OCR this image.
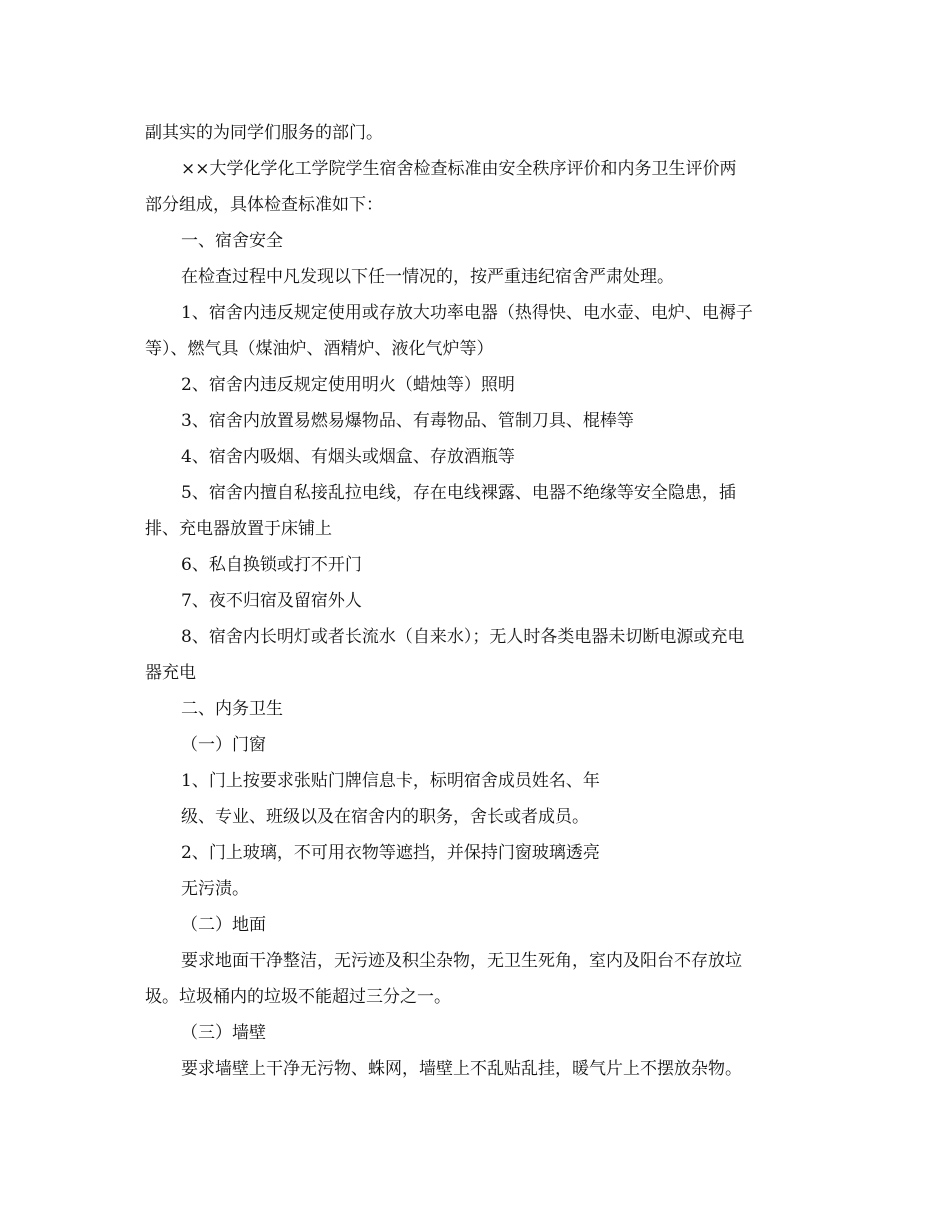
副其实的为同学们服务的部门。
××大学化学化工学院学生宿舍检查标准由安全秩序评价和内务卫生评价两
部分组成，具体检查标准如下：
一、宿舍安全
在检查过程中凡发现以下任一情况的，按严重违纪宿舍严肃处理。
1、宿舍内违反规定使用或存放大功率电器（热得快、电水壶、电炉、电褥子
等）、燃气具（煤油炉、酒精炉、液化气炉等）
2、宿舍内违反规定使用明火（蜡烛等）照明
3、宿舍内放置易燃易爆物品、有毒物品、管制刀具、棍棒等
4、宿舍内吸烟、有烟头或烟盒、存放酒瓶等
5、宿舍内擅自私接乱拉电线，存在电线裸露、电器不绝缘等安全隐患，插
排、充电器放置于床铺上
6、私自换锁或打不开门
7、夜不归宿及留宿外人
8、宿舍内长明灯或者长流水（自来水）；无人时各类电器未切断电源或充电
器充电
二、内务卫生
（一）门窗
1、门上按要求张贴门牌信息卡，标明宿舍成员姓名、年
级、专业、班级以及在宿舍内的职务，舍长或者成员。
2、门上玻璃，不可用衣物等遮挡，并保持门窗玻璃透亮
无污渍。
（二）地面
要求地面干净整洁，无污迹及积尘杂物，无卫生死角，室内及阳台不存放垃
圾。垃圾桶内的垃圾不能超过三分之一。
（三）墙壁
要求墙壁上干净无污物、蛛网，墙壁上不乱贴乱挂，暖气片上不摆放杂物。
